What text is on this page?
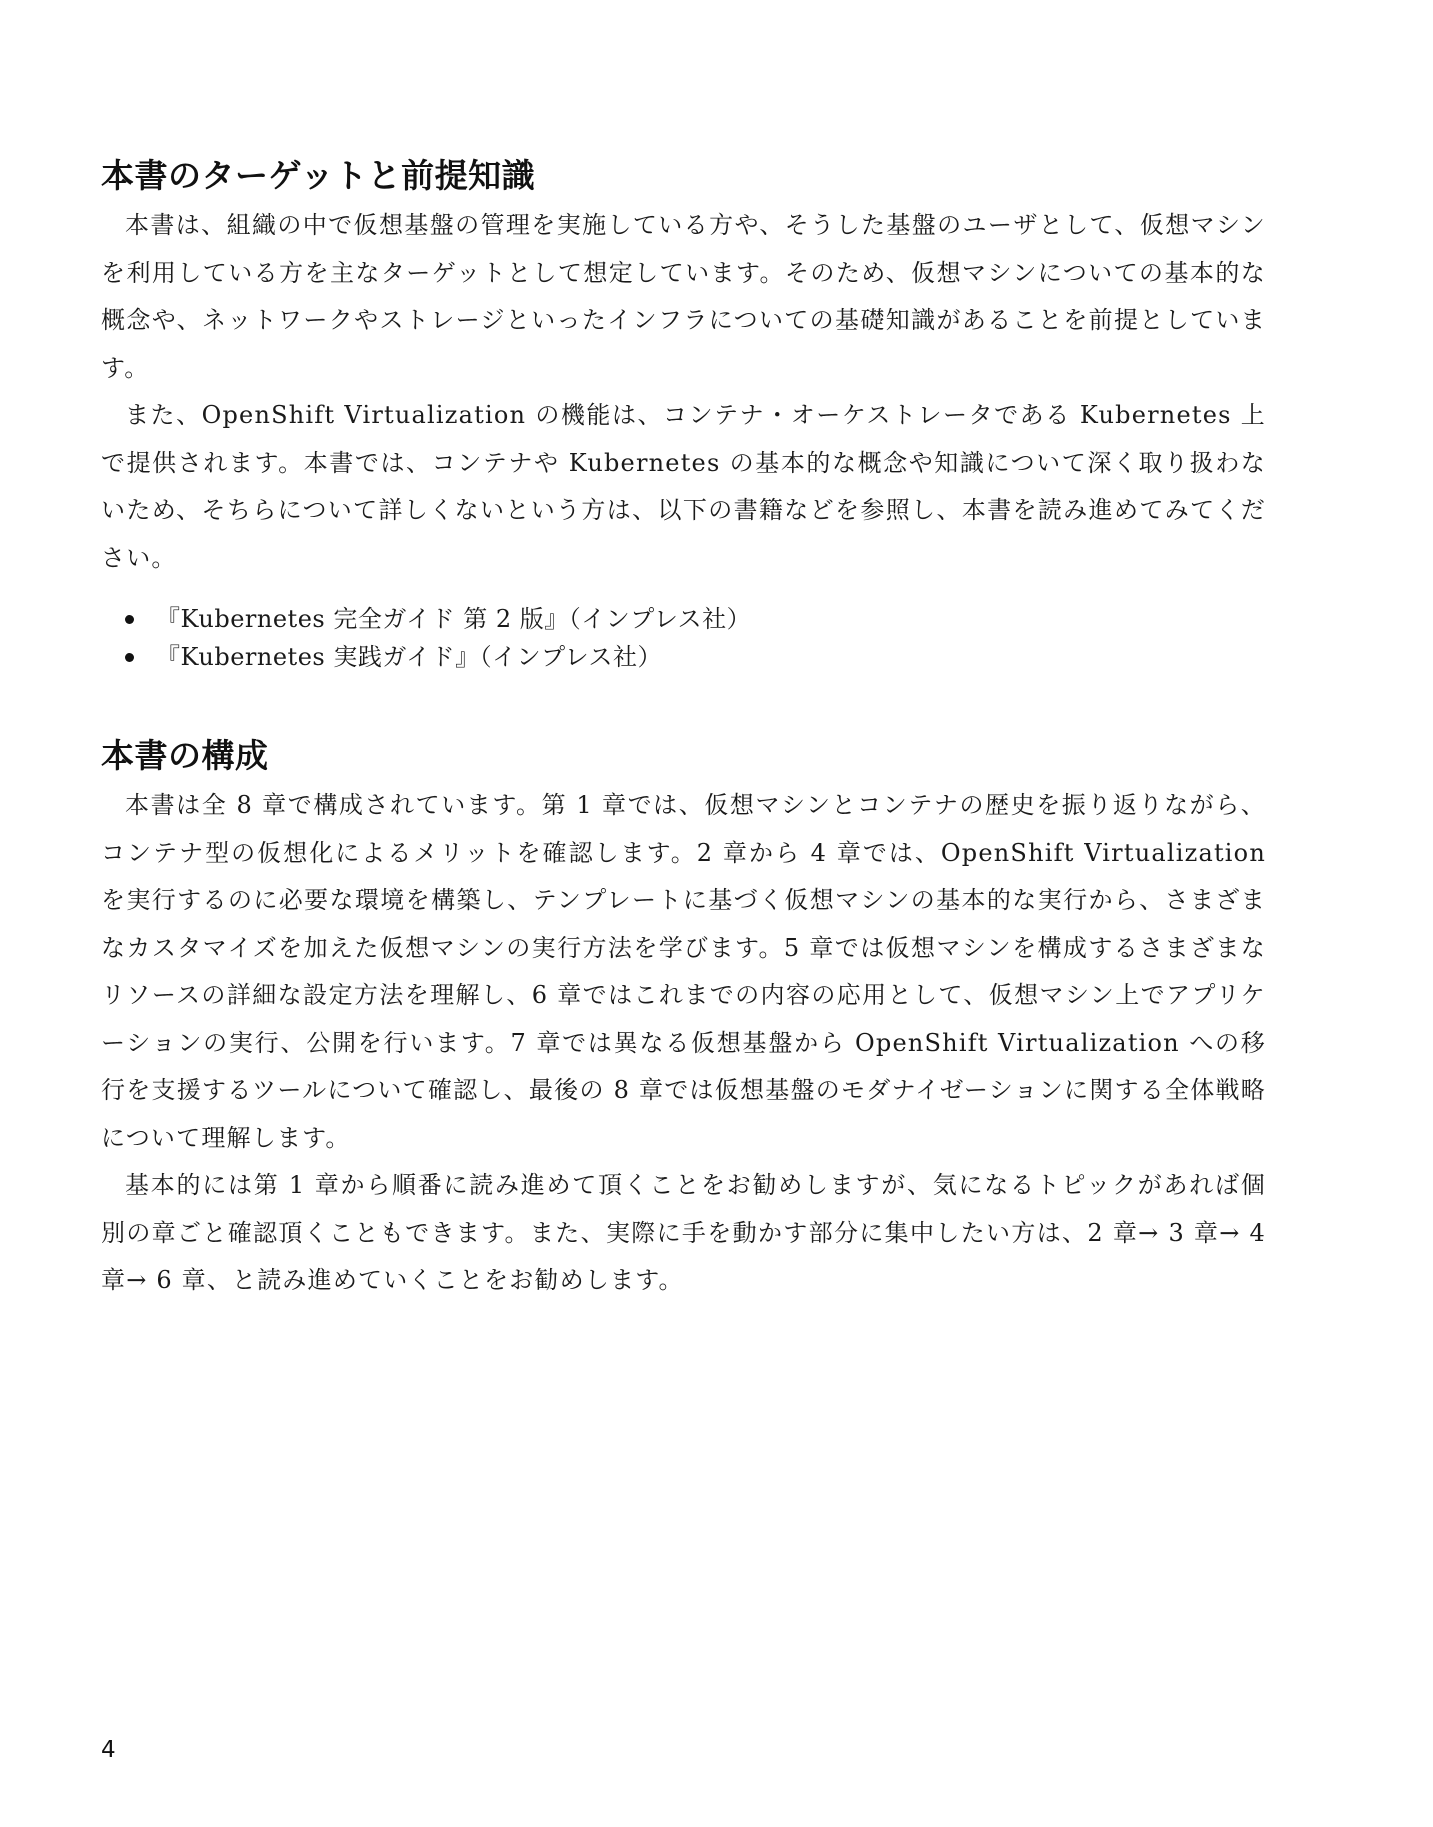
本書のターゲットと前提知識

本書は、組織の中で仮想基盤の管理を実施している方や、そうした基盤のユーザとして、仮想マシンを利用している方を主なターゲットとして想定しています。そのため、仮想マシンについての基本的な概念や、ネットワークやストレージといったインフラについての基礎知識があることを前提としています。

また、OpenShift Virtualization の機能は、コンテナ・オーケストレータである Kubernetes 上で提供されます。本書では、コンテナや Kubernetes の基本的な概念や知識について深く取り扱わないため、そちらについて詳しくないという方は、以下の書籍などを参照し、本書を読み進めてみてください。

『Kubernetes 完全ガイド 第 2 版』（インプレス社）
『Kubernetes 実践ガイド』（インプレス社）
本書の構成

本書は全 8 章で構成されています。第 1 章では、仮想マシンとコンテナの歴史を振り返りながら、コンテナ型の仮想化によるメリットを確認します。2 章から 4 章では、OpenShift Virtualization を実行するのに必要な環境を構築し、テンプレートに基づく仮想マシンの基本的な実行から、さまざまなカスタマイズを加えた仮想マシンの実行方法を学びます。5 章では仮想マシンを構成するさまざまなリソースの詳細な設定方法を理解し、6 章ではこれまでの内容の応用として、仮想マシン上でアプリケーションの実行、公開を行います。7 章では異なる仮想基盤から OpenShift Virtualization への移行を支援するツールについて確認し、最後の 8 章では仮想基盤のモダナイゼーションに関する全体戦略について理解します。

基本的には第 1 章から順番に読み進めて頂くことをお勧めしますが、気になるトピックがあれば個別の章ごと確認頂くこともできます。また、実際に手を動かす部分に集中したい方は、2 章→ 3 章→ 4 章→ 6 章、と読み進めていくことをお勧めします。

4
